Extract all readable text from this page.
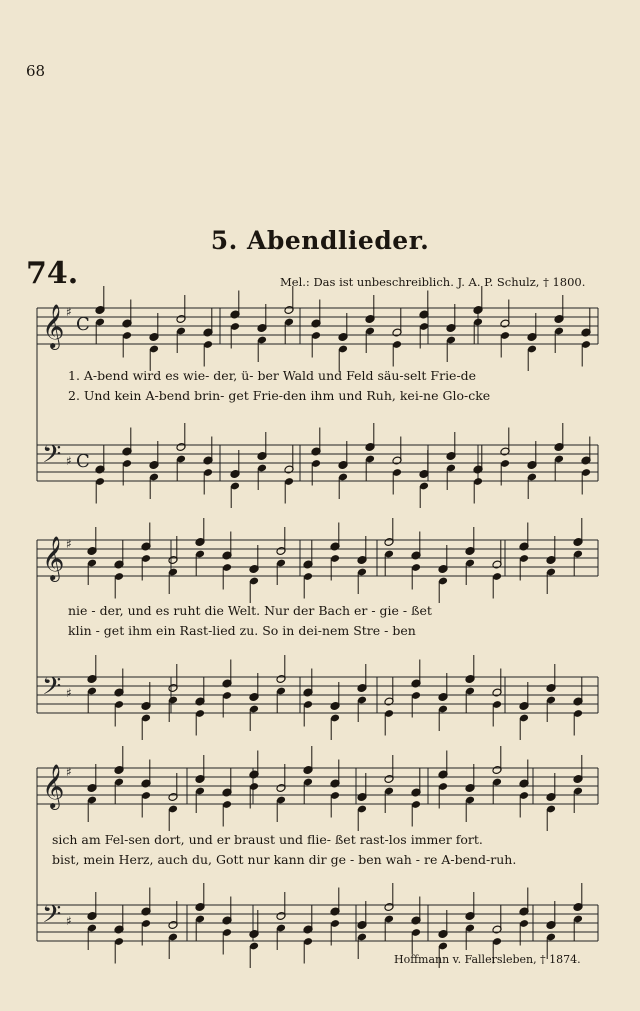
68
5. Abendlieder.
74.	Mel.: Das ist unbeschreiblich. J. A. P. Schulz, † 1800.
𝄞 ♯
C
𝄢 ♯ C
𝄞 ♯
𝄢 ♯
𝄞 ♯
𝄢 ♯
1. A-bend wird es wie- der, ü- ber Wald und Feld säu-selt Frie-de
2. Und kein A-bend brin- get Frie-den ihm und Ruh, kei-ne Glo-cke
nie - der, und es ruht die Welt. Nur der Bach er - gie - ßet
klin - get ihm ein Rast-lied zu. So in dei-nem Stre - ben
sich am Fel-sen dort, und er braust und flie- ßet rast-los immer fort.
bist, mein Herz, auch du, Gott nur kann dir ge - ben wah - re A-bend-ruh.
Hoffmann v. Fallersleben, † 1874.
